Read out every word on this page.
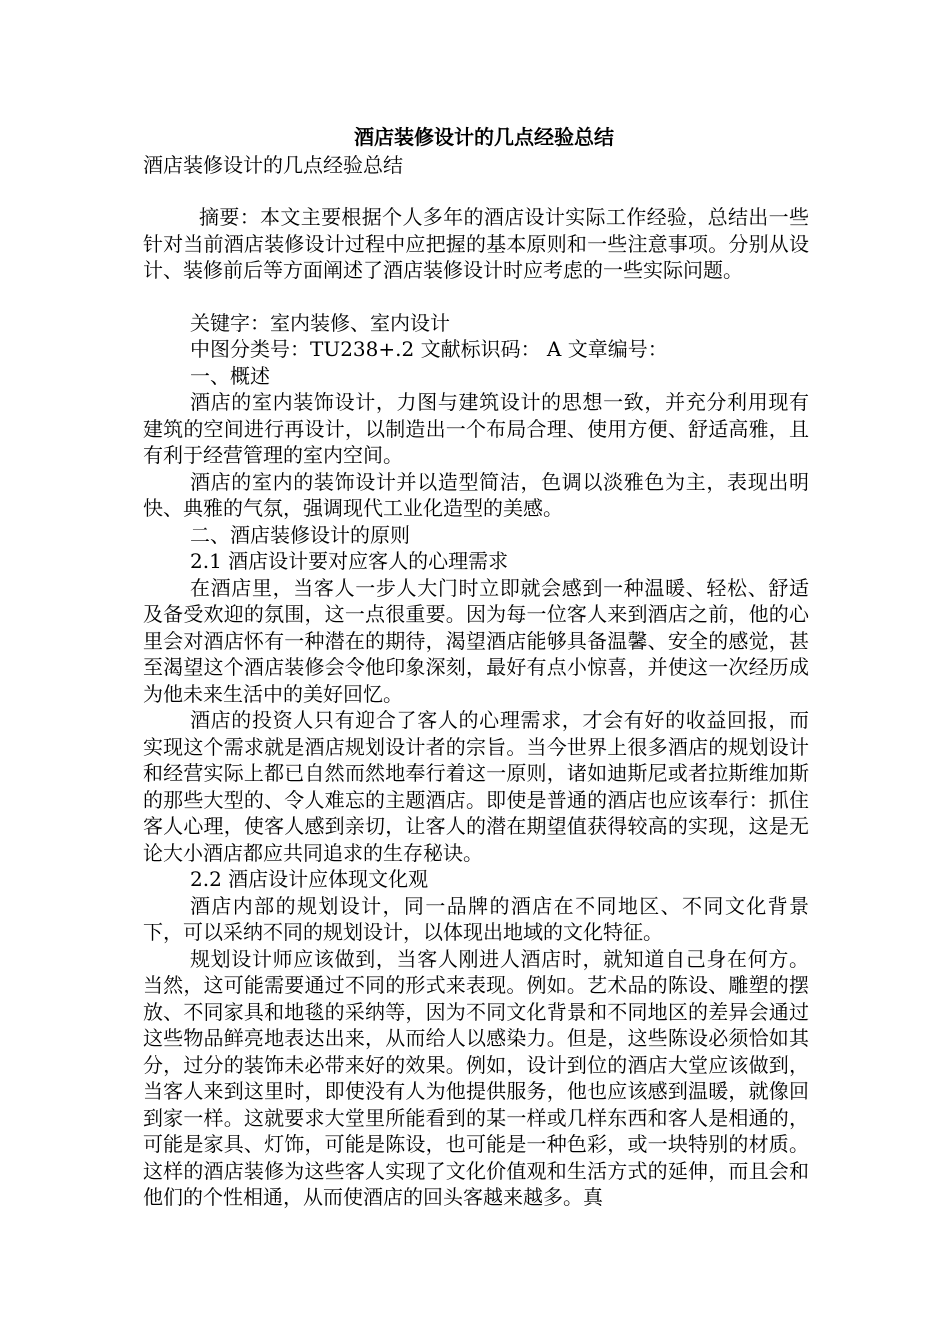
酒店装修设计的几点经验总结

酒店装修设计的几点经验总结

摘要：本文主要根据个人多年的酒店设计实际工作经验，总结出一些针对当前酒店装修设计过程中应把握的基本原则和一些注意事项。分别从设计、装修前后等方面阐述了酒店装修设计时应考虑的一些实际问题。

关键字：室内装修、室内设计

中图分类号：TU238+.2 文献标识码： A 文章编号：

一、概述

酒店的室内装饰设计，力图与建筑设计的思想一致，并充分利用现有建筑的空间进行再设计，以制造出一个布局合理、使用方便、舒适高雅，且有利于经营管理的室内空间。

酒店的室内的装饰设计并以造型简洁，色调以淡雅色为主，表现出明快、典雅的气氛，强调现代工业化造型的美感。

二、酒店装修设计的原则

2.1 酒店设计要对应客人的心理需求

在酒店里，当客人一步人大门时立即就会感到一种温暖、轻松、舒适及备受欢迎的氛围，这一点很重要。因为每一位客人来到酒店之前，他的心里会对酒店怀有一种潜在的期待，渴望酒店能够具备温馨、安全的感觉，甚至渴望这个酒店装修会令他印象深刻，最好有点小惊喜，并使这一次经历成为他未来生活中的美好回忆。

酒店的投资人只有迎合了客人的心理需求，才会有好的收益回报，而实现这个需求就是酒店规划设计者的宗旨。当今世界上很多酒店的规划设计和经营实际上都已自然而然地奉行着这一原则，诸如迪斯尼或者拉斯维加斯的那些大型的、令人难忘的主题酒店。即使是普通的酒店也应该奉行：抓住客人心理，使客人感到亲切，让客人的潜在期望值获得较高的实现，这是无论大小酒店都应共同追求的生存秘诀。

2.2 酒店设计应体现文化观

酒店内部的规划设计，同一品牌的酒店在不同地区、不同文化背景下，可以采纳不同的规划设计，以体现出地域的文化特征。

规划设计师应该做到，当客人刚进人酒店时，就知道自己身在何方。当然，这可能需要通过不同的形式来表现。例如。艺术品的陈设、雕塑的摆放、不同家具和地毯的采纳等，因为不同文化背景和不同地区的差异会通过这些物品鲜亮地表达出来，从而给人以感染力。但是，这些陈设必须恰如其分，过分的装饰未必带来好的效果。例如，设计到位的酒店大堂应该做到，当客人来到这里时，即使没有人为他提供服务，他也应该感到温暖，就像回到家一样。这就要求大堂里所能看到的某一样或几样东西和客人是相通的，可能是家具、灯饰，可能是陈设，也可能是一种色彩，或一块特别的材质。这样的酒店装修为这些客人实现了文化价值观和生活方式的延伸，而且会和他们的个性相通，从而使酒店的回头客越来越多。真
